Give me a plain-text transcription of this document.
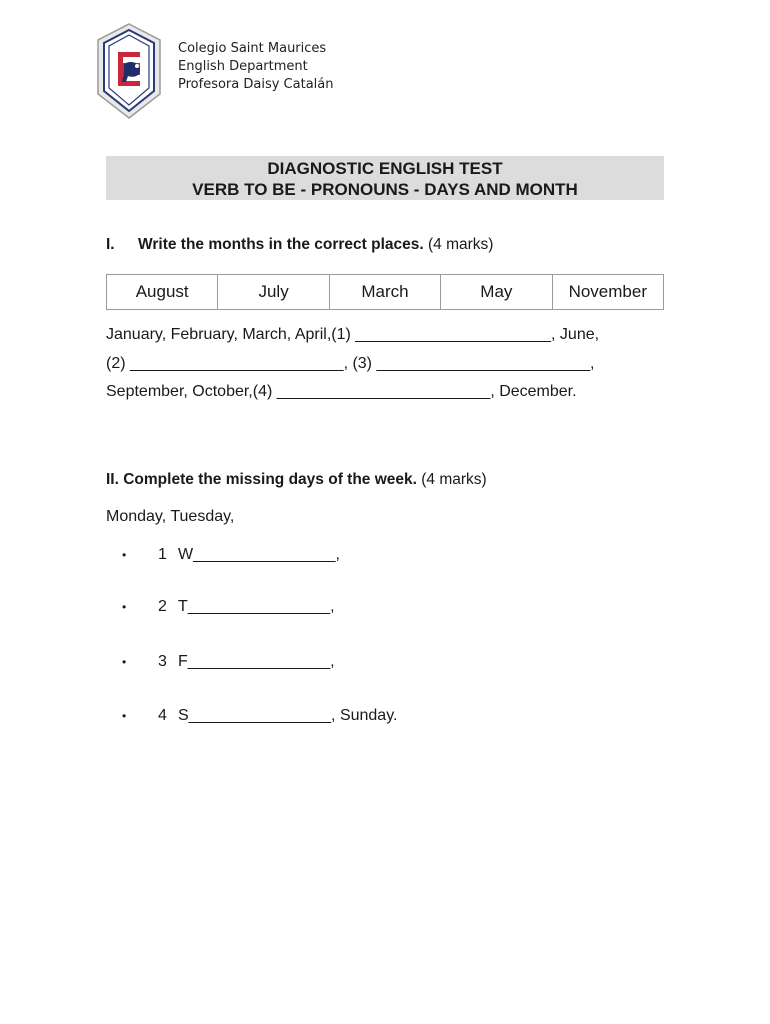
Colegio Saint Maurices
English Department
Profesora Daisy Catalán
DIAGNOSTIC ENGLISH TEST
VERB TO BE - PRONOUNS - DAYS AND MONTH
I. Write the months in the correct places. (4 marks)
August	July	March	May	November
January, February, March, April,(1) ______________________, June,
(2) ________________________, (3) ________________________,
September, October,(4) ________________________, December.
II. Complete the missing days of the week. (4 marks)
Monday, Tuesday,
• 1 W________________,
• 2 T________________,
• 3 F________________,
• 4 S________________, Sunday.
